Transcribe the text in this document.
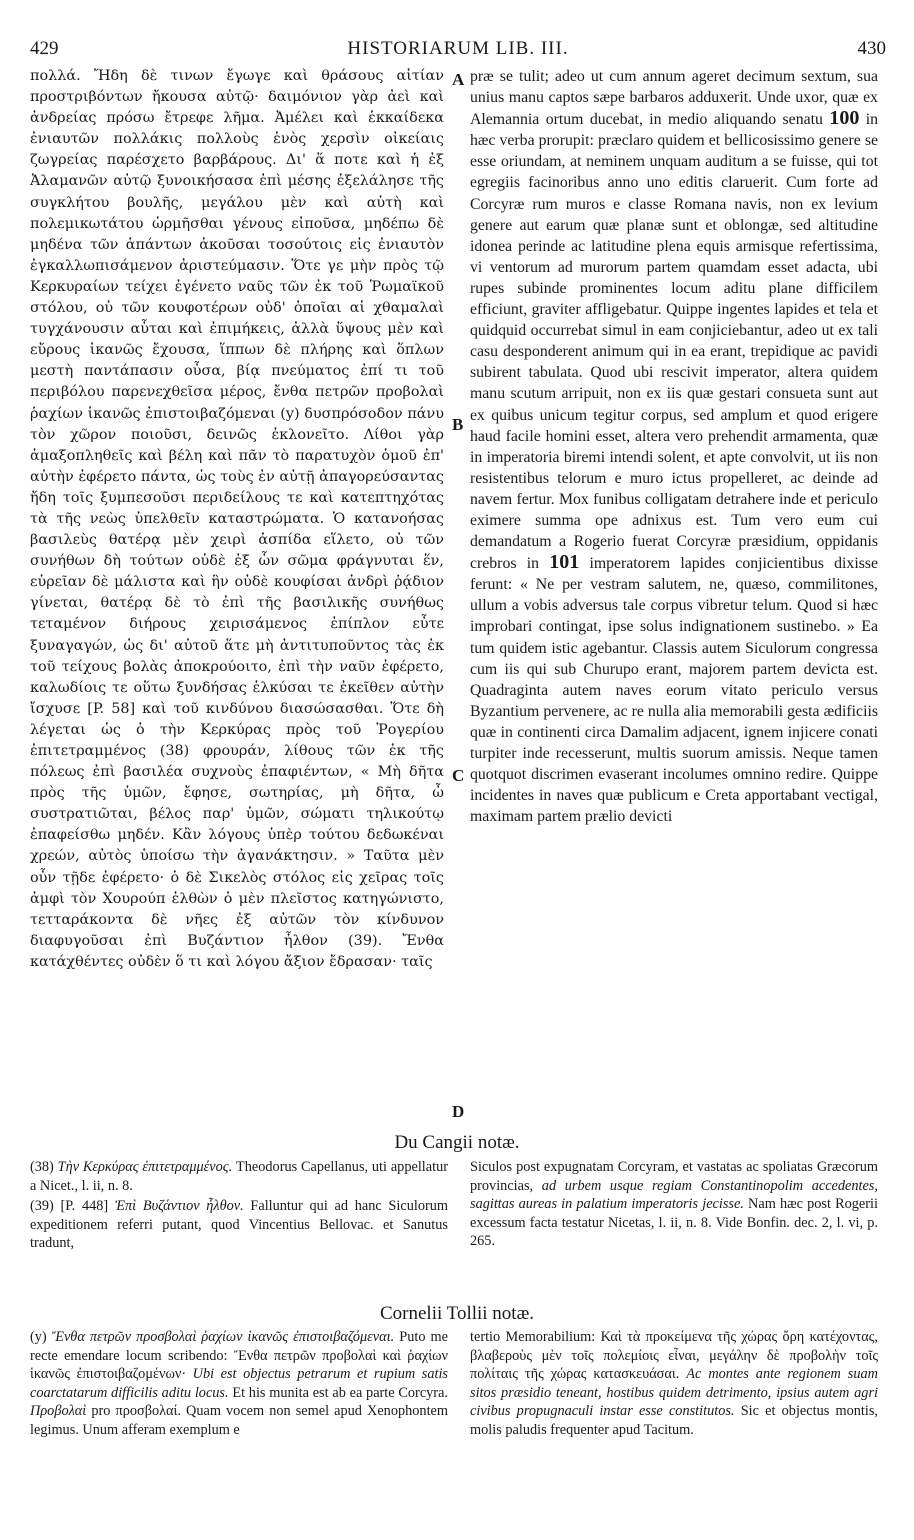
429	HISTORIARUM LIB. III.	430

πολλά. Ἤδη δὲ τινων ἔγωγε καὶ θράσους αἰτίαν προστριβόντων ἤκουσα αὐτῷ· δαιμόνιον γὰρ ἀεὶ καὶ ἀνδρείας πρόσω ἔτρεφε λῆμα. Ἀμέλει καὶ ἑκκαίδεκα ἐνιαυτῶν πολλάκις πολλοὺς ἑνὸς χερσὶν οἰκείαις ζωγρείας παρέσχετο βαρβάρους. Δι' ἅ ποτε καὶ ἡ ἐξ Ἀλαμανῶν αὐτῷ ξυνοικήσασα ἐπὶ μέσης ἐξελάλησε τῆς συγκλήτου βουλῆς, μεγάλου μὲν καὶ αὐτὴ καὶ πολεμικωτάτου ὡρμῆσθαι γένους εἰποῦσα, μηδέπω δὲ μηδένα τῶν ἁπάντων ἀκοῦσαι τοσούτοις εἰς ἐνιαυτὸν ἐγκαλλωπισάμενον ἀριστεύμασιν. Ὅτε γε μὴν πρὸς τῷ Κερκυραίων τείχει ἐγένετο ναῦς τῶν ἐκ τοῦ Ῥωμαϊκοῦ στόλου, οὐ τῶν κουφοτέρων οὐδ' ὁποῖαι αἱ χθαμαλαὶ τυγχάνουσιν αὗται καὶ ἐπιμήκεις, ἀλλὰ ὕψους μὲν καὶ εὔρους ἱκανῶς ἔχουσα, ἵππων δὲ πλήρης καὶ ὅπλων μεστὴ παντάπασιν οὖσα, βίᾳ πνεύματος ἐπί τι τοῦ περιβόλου παρενεχθεῖσα μέρος, ἔνθα πετρῶν προβολαὶ ῥαχίων ἱκανῶς ἐπιστοιβαζόμεναι (y) δυσπρόσοδον πάνυ τὸν χῶρον ποιοῦσι, δεινῶς ἐκλονεῖτο. Λίθοι γὰρ ἁμαξοπληθεῖς καὶ βέλη καὶ πᾶν τὸ παρατυχὸν ὁμοῦ ἐπ' αὐτὴν ἐφέρετο πάντα, ὡς τοὺς ἐν αὐτῇ ἀπαγορεύσαντας ἤδη τοῖς ξυμπεσοῦσι περιδείλους τε καὶ κατεπτηχότας τὰ τῆς νεὼς ὑπελθεῖν καταστρώματα. Ὁ κατανοήσας βασιλεὺς θατέρᾳ μὲν χειρὶ ἀσπίδα εἵλετο, οὐ τῶν συνήθων δὴ τούτων οὐδὲ ἐξ ὧν σῶμα φράγνυται ἕν, εὑρεῖαν δὲ μάλιστα καὶ ἣν οὐδὲ κουφίσαι ἀνδρὶ ῥᾴδιον γίνεται, θατέρᾳ δὲ τὸ ἐπὶ τῆς βασιλικῆς συνήθως τεταμένον διήρους χειρισάμενος ἐπίπλον εὖτε ξυναγαγών, ὡς δι' αὐτοῦ ἅτε μὴ ἀντιτυποῦντος τὰς ἐκ τοῦ τείχους βολὰς ἀποκρούοιτο, ἐπὶ τὴν ναῦν ἐφέρετο, καλωδίοις τε οὕτω ξυνδήσας ἑλκύσαι τε ἐκεῖθεν αὐτὴν ἴσχυσε [P. 58] καὶ τοῦ κινδύνου διασώσασθαι. Ὅτε δὴ λέγεται ὡς ὁ τὴν Κερκύρας πρὸς τοῦ Ῥογερίου ἐπιτετραμμένος (38) φρουράν, λίθους τῶν ἐκ τῆς πόλεως ἐπὶ βασιλέα συχνοὺς ἐπαφιέντων, « Μὴ δῆτα πρὸς τῆς ὑμῶν, ἔφησε, σωτηρίας, μὴ δῆτα, ὦ συστρατιῶται, βέλος παρ' ὑμῶν, σώματι τηλικούτῳ ἐπαφείσθω μηδέν. Κἂν λόγους ὑπὲρ τούτου δεδωκέναι χρεών, αὐτὸς ὑποίσω τὴν ἀγανάκτησιν. » Ταῦτα μὲν οὖν τῇδε ἐφέρετο· ὁ δὲ Σικελὸς στόλος εἰς χεῖρας τοῖς ἀμφὶ τὸν Χουρούπ ἐλθὼν ὁ μὲν πλεῖστος κατηγώνιστο, τετταράκοντα δὲ νῆες ἐξ αὐτῶν τὸν κίνδυνον διαφυγοῦσαι ἐπὶ Βυζάντιον ἦλθον (39). Ἔνθα κατάχθέντες οὐδὲν ὅ τι καὶ λόγου ἄξιον ἔδρασαν· ταῖς

A
B
C
D

præ se tulit; adeo ut cum annum ageret decimum sextum, sua unius manu captos sæpe barbaros adduxerit. Unde uxor, quæ ex Alemannia ortum ducebat, in medio aliquando senatu 100 in hæc verba prorupit: præclaro quidem et bellicosissimo genere se esse oriundam, at neminem unquam auditum a se fuisse, qui tot egregiis facinoribus anno uno editis claruerit. Cum forte ad Corcyræ rum muros e classe Romana navis, non ex levium genere aut earum quæ planæ sunt et oblongæ, sed altitudine idonea perinde ac latitudine plena equis armisque refertissima, vi ventorum ad murorum partem quamdam esset adacta, ubi rupes subinde prominentes locum aditu plane difficilem efficiunt, graviter affligebatur. Quippe ingentes lapides et tela et quidquid occurrebat simul in eam conjiciebantur, adeo ut ex tali casu desponderent animum qui in ea erant, trepidique ac pavidi subirent tabulata. Quod ubi rescivit imperator, altera quidem manu scutum arripuit, non ex iis quæ gestari consueta sunt aut ex quibus unicum tegitur corpus, sed amplum et quod erigere haud facile homini esset, altera vero prehendit armamenta, quæ in imperatoria biremi intendi solent, et apte convolvit, ut iis non resistentibus telorum e muro ictus propelleret, ac deinde ad navem fertur. Mox funibus colligatam detrahere inde et periculo eximere summa ope adnixus est. Tum vero eum cui demandatum a Rogerio fuerat Corcyræ præsidium, oppidanis crebros in 101 imperatorem lapides conjicientibus dixisse ferunt: « Ne per vestram salutem, ne, quæso, commilitones, ullum a vobis adversus tale corpus vibretur telum. Quod si hæc improbari contingat, ipse solus indignationem sustinebo. » Ea tum quidem istic agebantur. Classis autem Siculorum congressa cum iis qui sub Churupo erant, majorem partem devicta est. Quadraginta autem naves eorum vitato periculo versus Byzantium pervenere, ac re nulla alia memorabili gesta ædificiis quæ in continenti circa Damalim adjacent, ignem injicere conati turpiter inde recesserunt, multis suorum amissis. Neque tamen quotquot discrimen evaserant incolumes omnino redire. Quippe incidentes in naves quæ publicum e Creta apportabant vectigal, maximam partem prælio devicti

Du Cangii notæ.

(38) Τὴν Κερκύρας ἐπιτετραμμένος. Theodorus Capellanus, uti appellatur a Nicet., l. ii, n. 8.

(39) [P. 448] Ἐπὶ Βυζάντιον ἦλθον. Falluntur qui ad hanc Siculorum expeditionem referri putant, quod Vincentius Bellovac. et Sanutus tradunt,

Siculos post expugnatam Corcyram, et vastatas ac spoliatas Græcorum provincias, ad urbem usque regiam Constantinopolim accedentes, sagittas aureas in palatium imperatoris jecisse. Nam hæc post Rogerii excessum facta testatur Nicetas, l. ii, n. 8. Vide Bonfin. dec. 2, l. vi, p. 265.

Cornelii Tollii notæ.

(y) Ἔνθα πετρῶν προσβολαὶ ῥαχίων ἱκανῶς ἐπιστοιβαζόμεναι. Puto me recte emendare locum scribendo: Ἔνθα πετρῶν προβολαὶ καὶ ῥαχίων ἱκανῶς ἐπιστοιβαζομένων· Ubi est objectus petrarum et rupium satis coarctatarum difficilis aditu locus. Et his munita est ab ea parte Corcyra. Προβολαὶ pro προσβολαί. Quam vocem non semel apud Xenophontem legimus. Unum afferam exemplum e

tertio Memorabilium: Καὶ τὰ προκείμενα τῆς χώρας ὄρη κατέχοντας, βλαβεροὺς μὲν τοῖς πολεμίοις εἶναι, μεγάλην δὲ προβολὴν τοῖς πολίταις τῆς χώρας κατασκευάσαι. Ac montes ante regionem suam sitos præsidio teneant, hostibus quidem detrimento, ipsius autem agri civibus propugnaculi instar esse constitutos. Sic et objectus montis, molis paludis frequenter apud Tacitum.
